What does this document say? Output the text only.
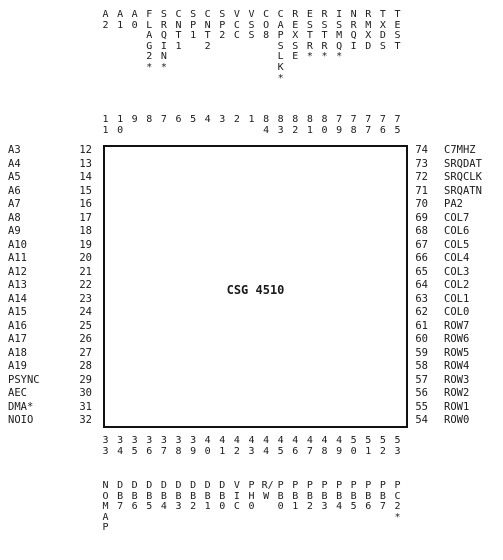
A2
A1
A0
FLAG2*
SRQIN*
CNT1
SP1
CNT2
SP2
VCC
VSS
CO8
CAPSLK*
REXSE
ESTR*
RSTR*
ISMQ*
NRQI
RMXD
TXDS
TEST
11
10
9 8 7 6 5 4 3 2 1 84
83
82
81
80
79
78
77
76
75
A3	12
A4	13
A5	14
A6	15
A7	16
A8	17
A9	18
A10	19
A11	20
A12	21
A13	22
A14	23
A15	24
A16	25
A17	26
A18	27
A19	28
PSYNC	29
AEC	30
DMA*	31
NOIO	32
CSG 4510
74 C7MHZ
73 SRQDAT
72 SRQCLK
71 SRQATN
70 PA2
69 COL7
68 COL6
67 COL5
66 COL4
65 COL3
64 COL2
63 COL1
62 COL0
61 ROW7
60 ROW6
59 ROW5
58 ROW4
57 ROW3
56 ROW2
55 ROW1
54 ROW0
33
34
35
36
37
38
39
40
41
42
43
44
45
46
47
48
49
50
51
52
53
NOMAP
DB7
DB6
DB5
DB4
DB3
DB2
DB1
DB0
VIC
PH0
R/W
PB0
PB1
PB2
PB3
PB4
PB5
PB6
PB7
PC2*
